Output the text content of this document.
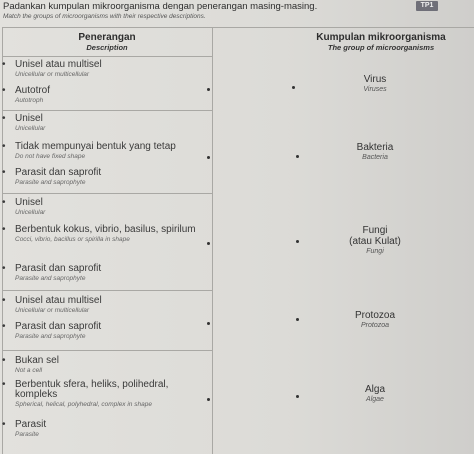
Padankan kumpulan mikroorganisma dengan penerangan masing-masing.
Match the groups of microorganisms with their respective descriptions.
TP1
Penerangan
Description
Kumpulan mikroorganisma
The group of microorganisms
• Unisel atau multisel
Unicellular or multicellular
• Autotrof
Autotroph
• Unisel
Unicellular
• Tidak mempunyai bentuk yang tetap
Do not have fixed shape
• Parasit dan saprofit
Parasite and saprophyte
• Unisel
Unicellular
• Berbentuk kokus, vibrio, basilus, spirilum
Cocci, vibrio, bacillus or spirilla in shape
• Parasit dan saprofit
Parasite and saprophyte
• Unisel atau multisel
Unicellular or multicellular
• Parasit dan saprofit
Parasite and saprophyte
• Bukan sel
Not a cell
• Berbentuk sfera, heliks, polihedral, kompleks
Spherical, helical, polyhedral, complex in shape
• Parasit
Parasite
Virus
Viruses
Bakteria
Bacteria
Fungi
(atau Kulat)
Fungi
Protozoa
Protozoa
Alga
Algae
